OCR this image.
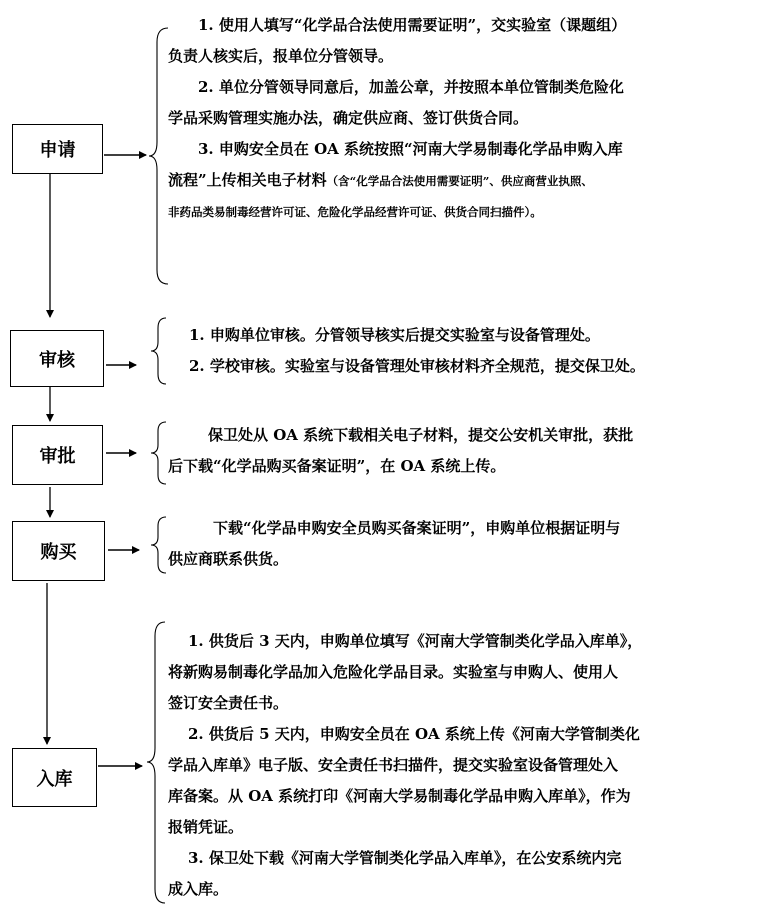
申请
审核
审批
购买
入库
1. 使用人填写“化学品合法使用需要证明”，交实验室（课题组）
负责人核实后，报单位分管领导。
2. 单位分管领导同意后，加盖公章，并按照本单位管制类危险化
学品采购管理实施办法，确定供应商、签订供货合同。
3. 申购安全员在 OA 系统按照“河南大学易制毒化学品申购入库
流程”上传相关电子材料（含“化学品合法使用需要证明”、供应商营业执照、
非药品类易制毒经营许可证、危险化学品经营许可证、供货合同扫描件）。
1. 申购单位审核。分管领导核实后提交实验室与设备管理处。
2. 学校审核。实验室与设备管理处审核材料齐全规范，提交保卫处。
保卫处从 OA 系统下载相关电子材料，提交公安机关审批，获批
后下载“化学品购买备案证明”，在 OA 系统上传。
下载“化学品申购安全员购买备案证明”，申购单位根据证明与
供应商联系供货。
1. 供货后 3 天内，申购单位填写《河南大学管制类化学品入库单》，
将新购易制毒化学品加入危险化学品目录。实验室与申购人、使用人
签订安全责任书。
2. 供货后 5 天内，申购安全员在 OA 系统上传《河南大学管制类化
学品入库单》电子版、安全责任书扫描件，提交实验室设备管理处入
库备案。从 OA 系统打印《河南大学易制毒化学品申购入库单》，作为
报销凭证。
3. 保卫处下载《河南大学管制类化学品入库单》，在公安系统内完
成入库。
